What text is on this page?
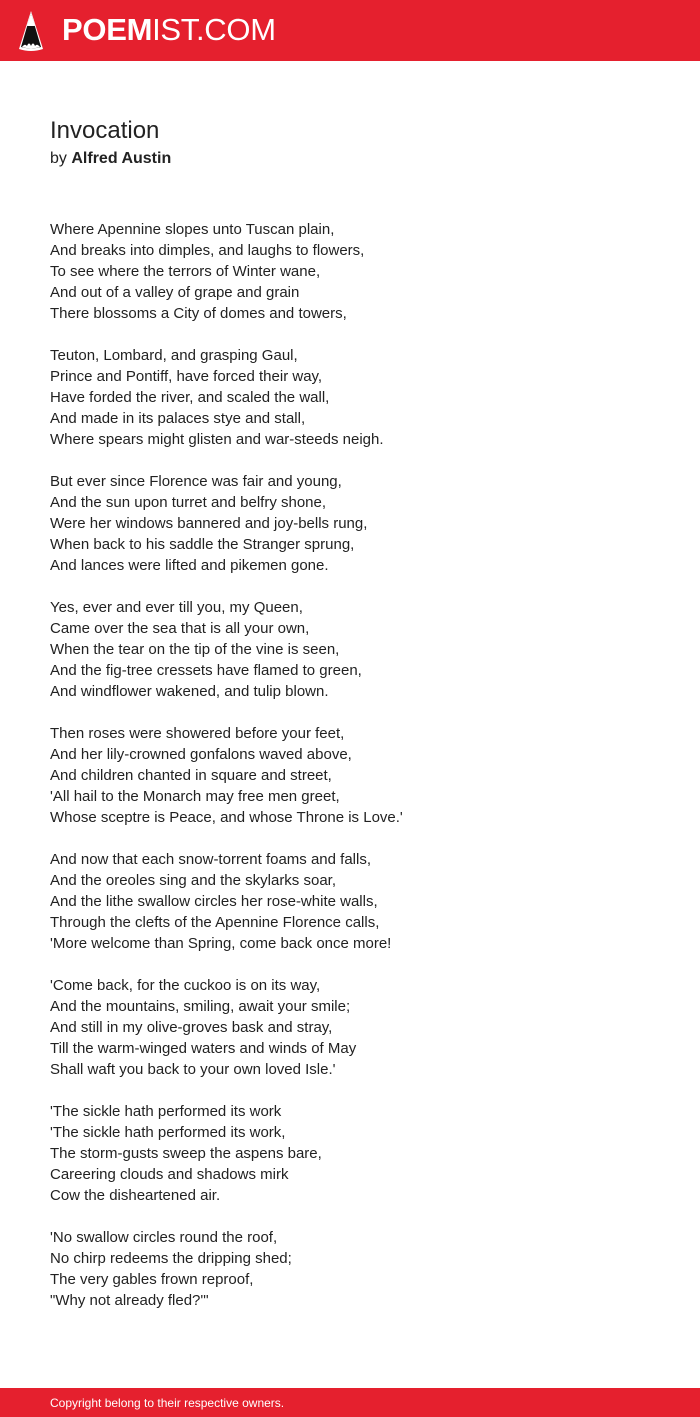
POEMIST.COM
Invocation
by Alfred Austin
Where Apennine slopes unto Tuscan plain,
And breaks into dimples, and laughs to flowers,
To see where the terrors of Winter wane,
And out of a valley of grape and grain
There blossoms a City of domes and towers,
Teuton, Lombard, and grasping Gaul,
Prince and Pontiff, have forced their way,
Have forded the river, and scaled the wall,
And made in its palaces stye and stall,
Where spears might glisten and war-steeds neigh.
But ever since Florence was fair and young,
And the sun upon turret and belfry shone,
Were her windows bannered and joy-bells rung,
When back to his saddle the Stranger sprung,
And lances were lifted and pikemen gone.
Yes, ever and ever till you, my Queen,
Came over the sea that is all your own,
When the tear on the tip of the vine is seen,
And the fig-tree cressets have flamed to green,
And windflower wakened, and tulip blown.
Then roses were showered before your feet,
And her lily-crowned gonfalons waved above,
And children chanted in square and street,
'All hail to the Monarch may free men greet,
Whose sceptre is Peace, and whose Throne is Love.'
And now that each snow-torrent foams and falls,
And the oreoles sing and the skylarks soar,
And the lithe swallow circles her rose-white walls,
Through the clefts of the Apennine Florence calls,
'More welcome than Spring, come back once more!
'Come back, for the cuckoo is on its way,
And the mountains, smiling, await your smile;
And still in my olive-groves bask and stray,
Till the warm-winged waters and winds of May
Shall waft you back to your own loved Isle.'
'The sickle hath performed its work
'The sickle hath performed its work,
The storm-gusts sweep the aspens bare,
Careering clouds and shadows mirk
Cow the disheartened air.
'No swallow circles round the roof,
No chirp redeems the dripping shed;
The very gables frown reproof,
"Why not already fled?'"
Copyright belong to their respective owners.
